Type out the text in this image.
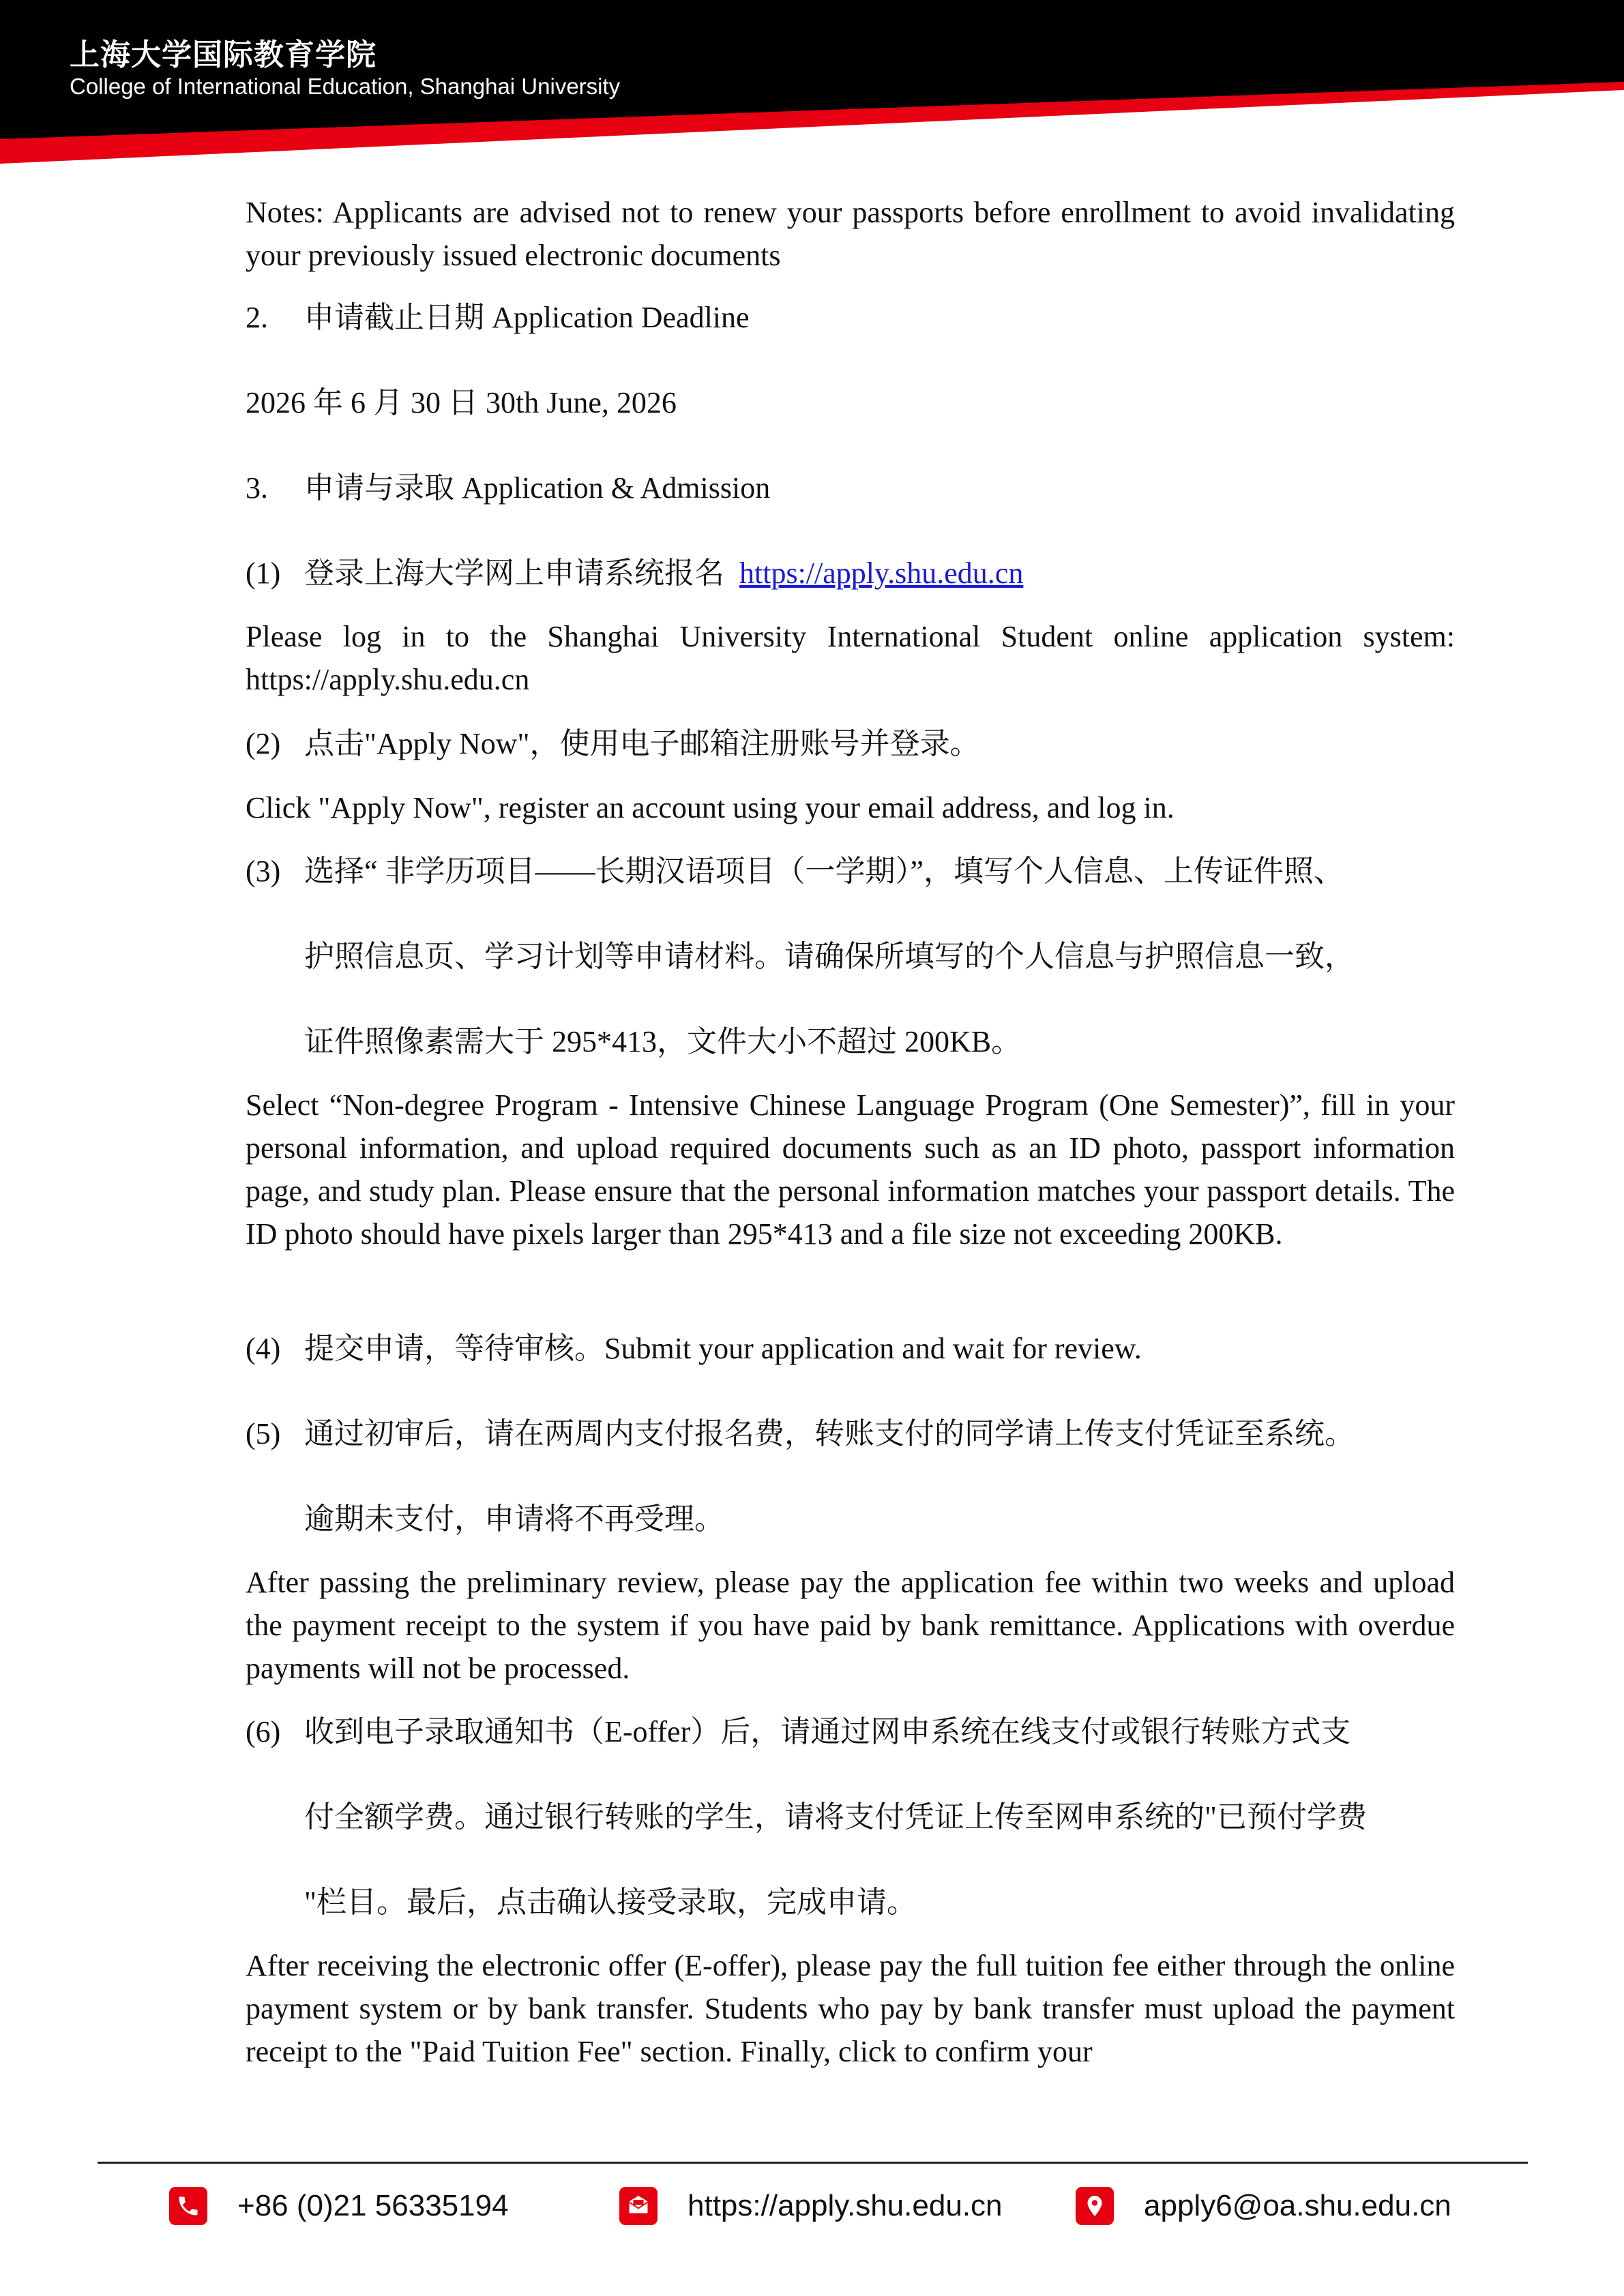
上海大学国际教育学院
College of International Education, Shanghai University
Notes: Applicants are advised not to renew your passports before enrollment to avoid invalidating your previously issued electronic documents
2. 申请截止日期 Application Deadline
2026 年 6 月 30 日 30th June, 2026
3. 申请与录取 Application & Admission
(1) 登录上海大学网上申请系统报名 https://apply.shu.edu.cn
Please log in to the Shanghai University International Student online application system: https://apply.shu.edu.cn
(2) 点击"Apply Now"，使用电子邮箱注册账号并登录。
Click "Apply Now", register an account using your email address, and log in.
(3) 选择“ 非学历项目——长期汉语项目（一学期）”，填写个人信息、上传证件照、
护照信息页、学习计划等申请材料。请确保所填写的个人信息与护照信息一致，
证件照像素需大于 295*413，文件大小不超过 200KB。
Select “Non-degree Program - Intensive Chinese Language Program (One Semester)”, fill in your personal information, and upload required documents such as an ID photo, passport information page, and study plan. Please ensure that the personal information matches your passport details. The ID photo should have pixels larger than 295*413 and a file size not exceeding 200KB.
(4) 提交申请，等待审核。Submit your application and wait for review.
(5) 通过初审后，请在两周内支付报名费，转账支付的同学请上传支付凭证至系统。
逾期未支付，申请将不再受理。
After passing the preliminary review, please pay the application fee within two weeks and upload the payment receipt to the system if you have paid by bank remittance. Applications with overdue payments will not be processed.
(6) 收到电子录取通知书（E-offer）后，请通过网申系统在线支付或银行转账方式支
付全额学费。通过银行转账的学生，请将支付凭证上传至网申系统的"已预付学费
"栏目。最后，点击确认接受录取，完成申请。
After receiving the electronic offer (E-offer), please pay the full tuition fee either through the online payment system or by bank transfer. Students who pay by bank transfer must upload the payment receipt to the "Paid Tuition Fee" section. Finally, click to confirm your
+86 (0)21 56335194	https://apply.shu.edu.cn	apply6@oa.shu.edu.cn
